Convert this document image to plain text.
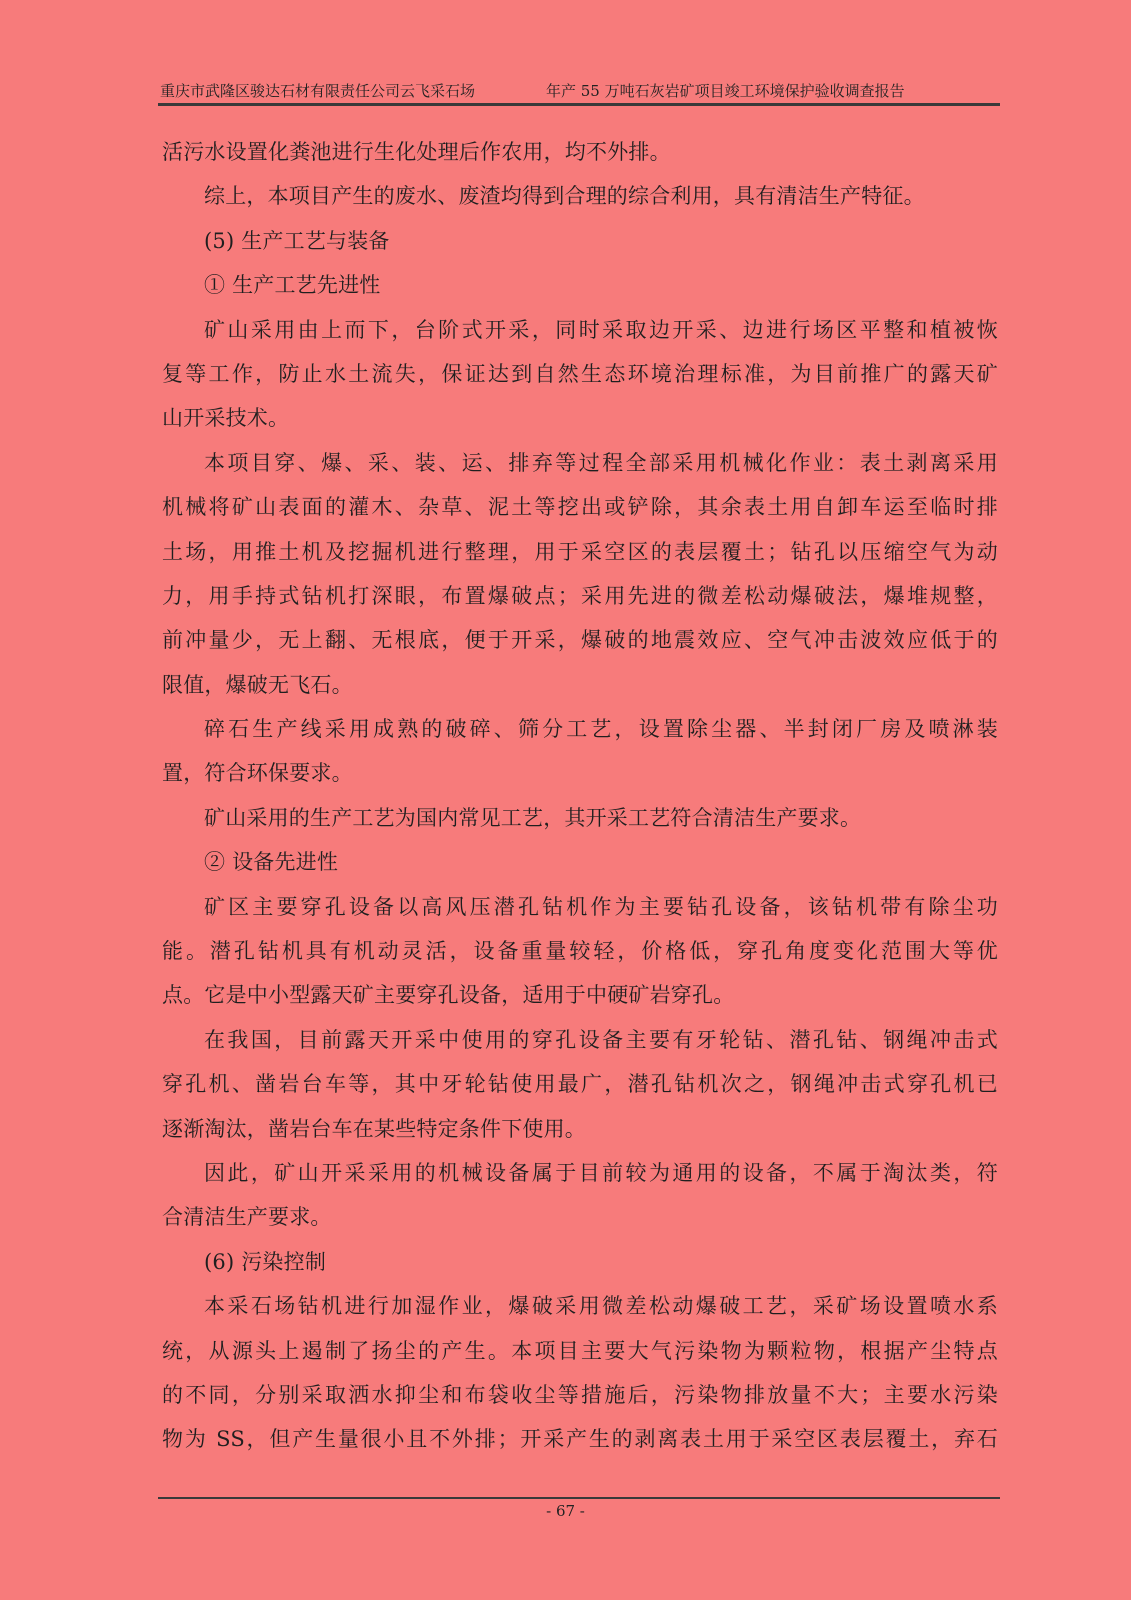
重庆市武隆区骏达石材有限责任公司云飞采石场	年产 55 万吨石灰岩矿项目竣工环境保护验收调查报告
活污水设置化粪池进行生化处理后作农用，均不外排。
综上，本项目产生的废水、废渣均得到合理的综合利用，具有清洁生产特征。
(5) 生产工艺与装备
① 生产工艺先进性
矿山采用由上而下，台阶式开采，同时采取边开采、边进行场区平整和植被恢
复等工作，防止水土流失，保证达到自然生态环境治理标准，为目前推广的露天矿
山开采技术。
本项目穿、爆、采、装、运、排弃等过程全部采用机械化作业：表土剥离采用
机械将矿山表面的灌木、杂草、泥土等挖出或铲除，其余表土用自卸车运至临时排
土场，用推土机及挖掘机进行整理，用于采空区的表层覆土；钻孔以压缩空气为动
力，用手持式钻机打深眼，布置爆破点；采用先进的微差松动爆破法，爆堆规整，
前冲量少，无上翻、无根底，便于开采，爆破的地震效应、空气冲击波效应低于的
限值，爆破无飞石。
碎石生产线采用成熟的破碎、筛分工艺，设置除尘器、半封闭厂房及喷淋装
置，符合环保要求。
矿山采用的生产工艺为国内常见工艺，其开采工艺符合清洁生产要求。
② 设备先进性
矿区主要穿孔设备以高风压潜孔钻机作为主要钻孔设备，该钻机带有除尘功
能。潜孔钻机具有机动灵活，设备重量较轻，价格低，穿孔角度变化范围大等优
点。它是中小型露天矿主要穿孔设备，适用于中硬矿岩穿孔。
在我国，目前露天开采中使用的穿孔设备主要有牙轮钻、潜孔钻、钢绳冲击式
穿孔机、凿岩台车等，其中牙轮钻使用最广，潜孔钻机次之，钢绳冲击式穿孔机已
逐渐淘汰，凿岩台车在某些特定条件下使用。
因此，矿山开采采用的机械设备属于目前较为通用的设备，不属于淘汰类，符
合清洁生产要求。
(6) 污染控制
本采石场钻机进行加湿作业，爆破采用微差松动爆破工艺，采矿场设置喷水系
统，从源头上遏制了扬尘的产生。本项目主要大气污染物为颗粒物，根据产尘特点
的不同，分别采取洒水抑尘和布袋收尘等措施后，污染物排放量不大；主要水污染
物为 SS，但产生量很小且不外排；开采产生的剥离表土用于采空区表层覆土，弃石
- 67 -
